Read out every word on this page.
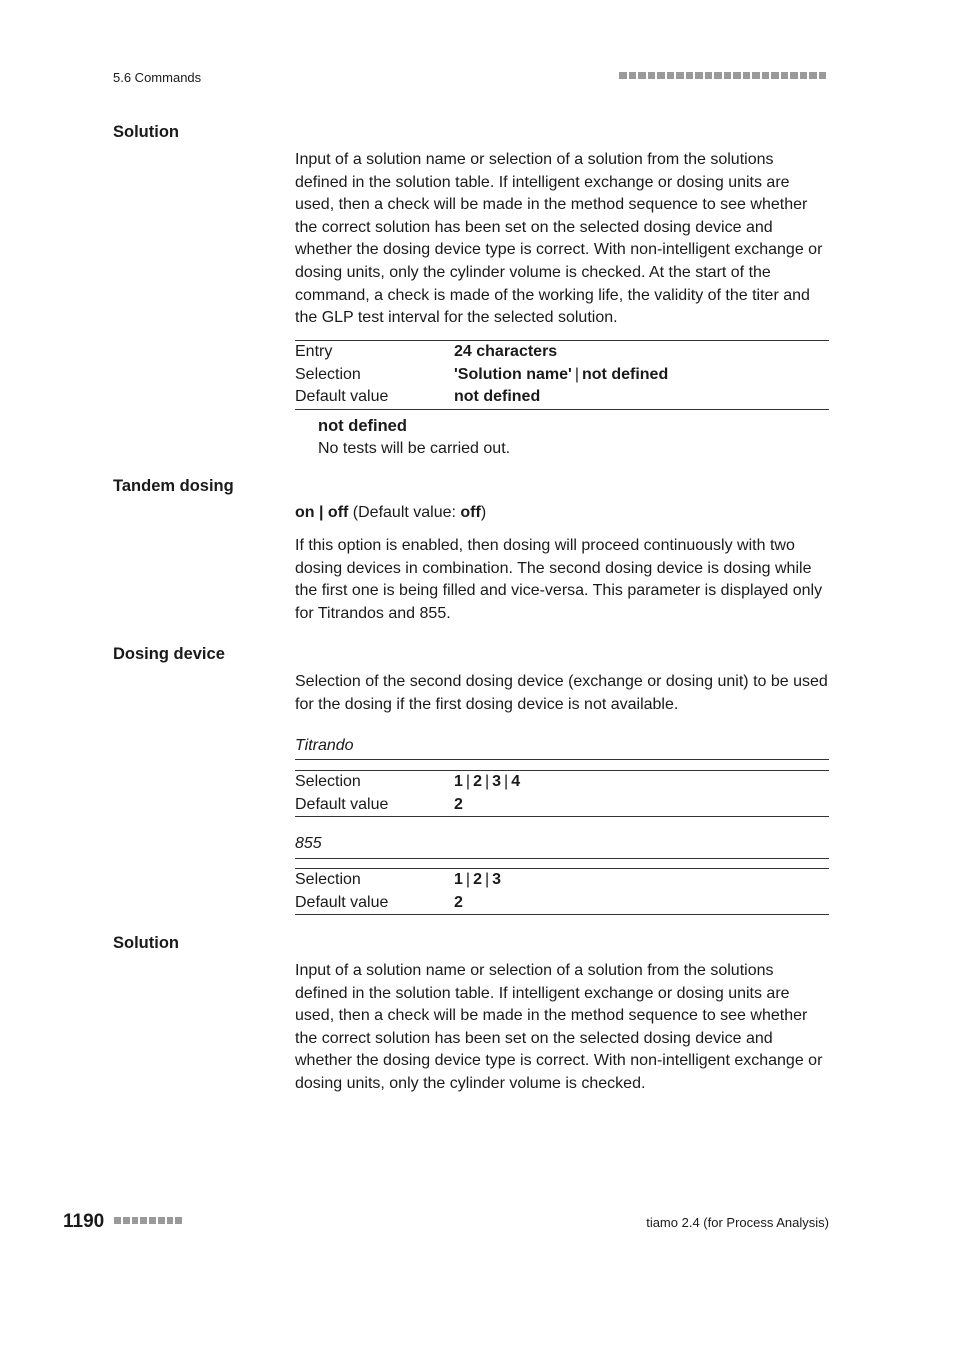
5.6 Commands
Solution

Input of a solution name or selection of a solution from the solutions defined in the solution table. If intelligent exchange or dosing units are used, then a check will be made in the method sequence to see whether the correct solution has been set on the selected dosing device and whether the dosing device type is correct. With non-intelligent exchange or dosing units, only the cylinder volume is checked. At the start of the command, a check is made of the working life, the validity of the titer and the GLP test interval for the selected solution.

Entry	24 characters
Selection	'Solution name' | not defined
Default value	not defined
not defined
No tests will be carried out.
Tandem dosing
on | off (Default value: off)

If this option is enabled, then dosing will proceed continuously with two dosing devices in combination. The second dosing device is dosing while the first one is being filled and vice-versa. This parameter is displayed only for Titrandos and 855.

Dosing device

Selection of the second dosing device (exchange or dosing unit) to be used for the dosing if the first dosing device is not available.

Titrando
Selection	1 | 2 | 3 | 4
Default value	2
855
Selection	1 | 2 | 3
Default value	2
Solution

Input of a solution name or selection of a solution from the solutions defined in the solution table. If intelligent exchange or dosing units are used, then a check will be made in the method sequence to see whether the correct solution has been set on the selected dosing device and whether the dosing device type is correct. With non-intelligent exchange or dosing units, only the cylinder volume is checked.

1190	tiamo 2.4 (for Process Analysis)
